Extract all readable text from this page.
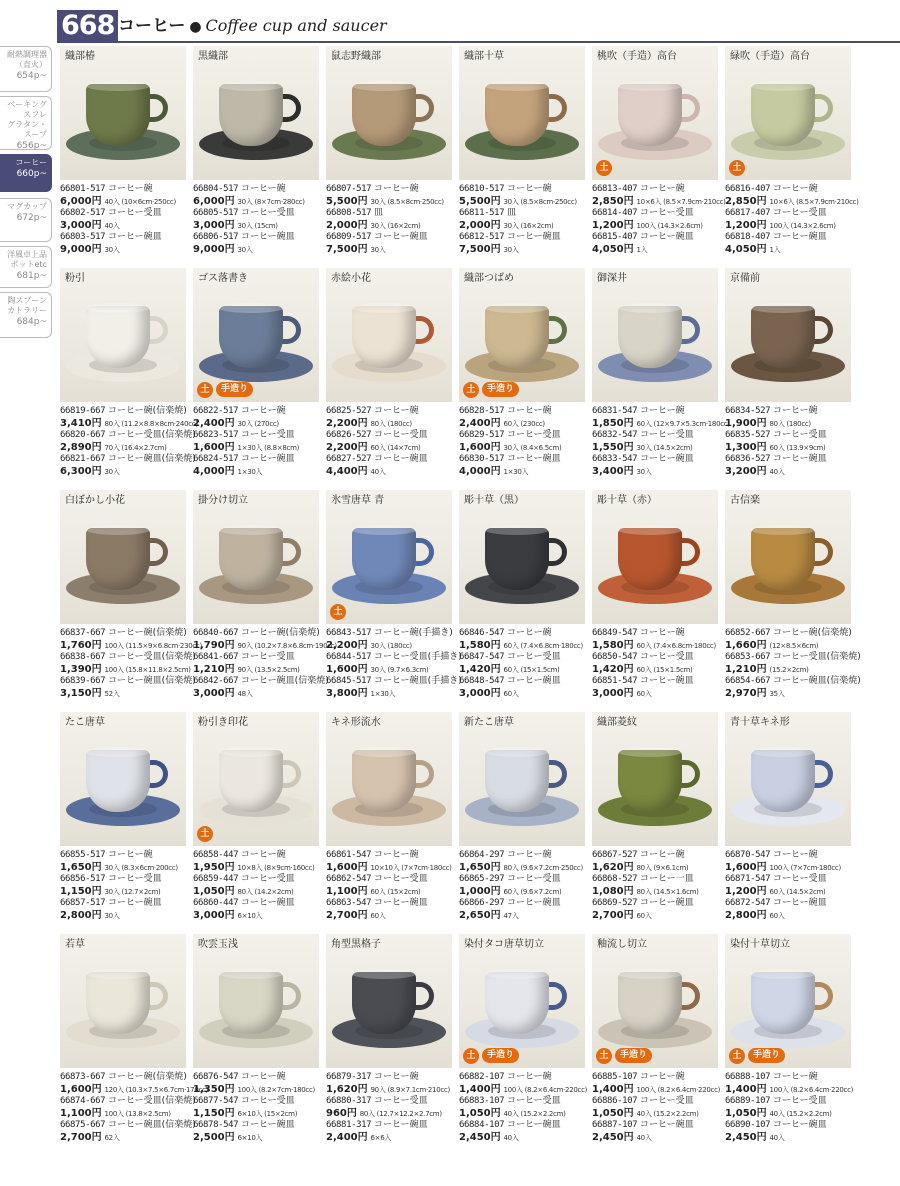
668 コーヒー ● Coffee cup and saucer
耐熱調理器
（直火）
654p~
ベーキング
スフレ
グラタン・スープ
656p~
コーヒー
660p~
マグカップ
672p~
洋風卓上品
ポットetc
681p~
陶スプーン
カトラリー
684p~
織部椿
66801-517 コーヒー碗
6,000円 40入 (10×6cm·250cc)
66802-517 コーヒー受皿
3,000円 40入
66803-517 コーヒー碗皿
9,000円 30入
黒織部
66804-517 コーヒー碗
6,000円 30入 (8×7cm·280cc)
66805-517 コーヒー受皿
3,000円 30入 (15cm)
66806-517 コーヒー碗皿
9,000円 30入
鼠志野織部
66807-517 コーヒー碗
5,500円 30入 (8.5×8cm·250cc)
66808-517 皿
2,000円 30入 (16×2cm)
66809-517 コーヒー碗皿
7,500円 30入
織部十草
66810-517 コーヒー碗
5,500円 30入 (8.5×8cm·250cc)
66811-517 皿
2,000円 30入 (16×2cm)
66812-517 コーヒー碗皿
7,500円 30入
桃吹（手造）高台
土
66813-407 コーヒー碗
2,850円 10×6入 (8.5×7.9cm·210cc)
66814-407 コーヒー受皿
1,200円 100入 (14.3×2.6cm)
66815-407 コーヒー碗皿
4,050円 1入
緑吹（手造）高台
土
66816-407 コーヒー碗
2,850円 10×6入 (8.5×7.9cm·210cc)
66817-407 コーヒー受皿
1,200円 100入 (14.3×2.6cm)
66818-407 コーヒー碗皿
4,050円 1入
粉引
66819-667 コーヒー碗(信楽焼)
3,410円 80入 (11.2×8.8×8cm·240cc)
66820-667 コーヒー受皿(信楽焼)
2,890円 70入 (16.4×2.7cm)
66821-667 コーヒー碗皿(信楽焼)
6,300円 30入
ゴス落書き
土 手造り
66822-517 コーヒー碗
2,400円 30入 (270cc)
66823-517 コーヒー受皿
1,600円 1×30入 (8.8×8cm)
66824-517 コーヒー碗皿
4,000円 1×30入
赤絵小花
66825-527 コーヒー碗
2,200円 80入 (180cc)
66826-527 コーヒー受皿
2,200円 60入 (14×7cm)
66827-527 コーヒー碗皿
4,400円 40入
織部つばめ
土 手造り
66828-517 コーヒー碗
2,400円 60入 (230cc)
66829-517 コーヒー受皿
1,600円 30入 (8.4×6.5cm)
66830-517 コーヒー碗皿
4,000円 1×30入
御深井
66831-547 コーヒー碗
1,850円 60入 (12×9.7×5.3cm·180cc)
66832-547 コーヒー受皿
1,550円 30入 (14.5×2cm)
66833-547 コーヒー碗皿
3,400円 30入
京備前
66834-527 コーヒー碗
1,900円 80入 (180cc)
66835-527 コーヒー受皿
1,300円 60入 (13.9×9cm)
66836-527 コーヒー碗皿
3,200円 40入
白ぼかし小花
66837-667 コーヒー碗(信楽焼)
1,760円 100入 (11.5×9×6.8cm·230cc)
66838-667 コーヒー受皿(信楽焼)
1,390円 100入 (15.8×11.8×2.5cm)
66839-667 コーヒー碗皿(信楽焼)
3,150円 52入
掛分け切立
66840-667 コーヒー碗(信楽焼)
1,790円 90入 (10.2×7.8×6.8cm·190cc)
66841-667 コーヒー受皿
1,210円 90入 (13.5×2.5cm)
66842-667 コーヒー碗皿(信楽焼)
3,000円 48入
氷雪唐草 青
土
66843-517 コーヒー碗(手描き)
2,200円 30入 (180cc)
66844-517 コーヒー受皿(手描き)
1,600円 30入 (9.7×6.3cm)
66845-517 コーヒー碗皿(手描き)
3,800円 1×30入
彫十草（黒）
66846-547 コーヒー碗
1,580円 60入 (7.4×6.8cm·180cc)
66847-547 コーヒー受皿
1,420円 60入 (15×1.5cm)
66848-547 コーヒー碗皿
3,000円 60入
彫十草（赤）
66849-547 コーヒー碗
1,580円 60入 (7.4×6.8cm·180cc)
66850-547 コーヒー受皿
1,420円 60入 (15×1.5cm)
66851-547 コーヒー碗皿
3,000円 60入
古信楽
66852-667 コーヒー碗(信楽焼)
1,660円 (12×8.5×6cm)
66853-667 コーヒー受皿(信楽焼)
1,210円 (15.2×2cm)
66854-667 コーヒー碗皿(信楽焼)
2,970円 35入
たこ唐草
66855-517 コーヒー碗
1,650円 30入 (8.3×6cm·200cc)
66856-517 コーヒー受皿
1,150円 30入 (12.7×2cm)
66857-517 コーヒー碗皿
2,800円 30入
粉引き印花
土
66858-447 コーヒー碗
1,950円 10×8入 (8×9cm·160cc)
66859-447 コーヒー受皿
1,050円 80入 (14.2×2cm)
66860-447 コーヒー碗皿
3,000円 6×10入
キネ形流水
66861-547 コーヒー碗
1,600円 10×10入 (7×7cm·180cc)
66862-547 コーヒー受皿
1,100円 60入 (15×2cm)
66863-547 コーヒー碗皿
2,700円 60入
新たこ唐草
66864-297 コーヒー碗
1,650円 80入 (9.6×7.2cm·250cc)
66865-297 コーヒー受皿
1,000円 60入 (9.6×7.2cm)
66866-297 コーヒー碗皿
2,650円 47入
織部菱紋
66867-527 コーヒー碗
1,620円 80入 (9×6.1cm)
66868-527 コーヒー一皿
1,080円 80入 (14.5×1.6cm)
66869-527 コーヒー碗皿
2,700円 60入
青十草キネ形
66870-547 コーヒー碗
1,600円 100入 (7×7cm·180cc)
66871-547 コーヒー受皿
1,200円 60入 (14.5×2cm)
66872-547 コーヒー碗皿
2,800円 60入
若草
66873-667 コーヒー碗(信楽焼)
1,600円 120入 (10.3×7.5×6.7cm·170cc)
66874-667 コーヒー受皿(信楽焼)
1,100円 100入 (13.8×2.5cm)
66875-667 コーヒー碗皿(信楽焼)
2,700円 62入
吹雲玉浅
66876-547 コーヒー碗
1,350円 100入 (8.2×7cm·180cc)
66877-547 コーヒー受皿
1,150円 6×10入 (15×2cm)
66878-547 コーヒー碗皿
2,500円 6×10入
角型黒格子
66879-317 コーヒー碗
1,620円 90入 (8.9×7.1cm·210cc)
66880-317 コーヒー受皿
960円 80入 (12.7×12.2×2.7cm)
66881-317 コーヒー碗皿
2,400円 6×6入
染付タコ唐草切立
土 手造り
66882-107 コーヒー碗
1,400円 100入 (8.2×6.4cm·220cc)
66883-107 コーヒー受皿
1,050円 40入 (15.2×2.2cm)
66884-107 コーヒー碗皿
2,450円 40入
釉流し切立
土 手造り
66885-107 コーヒー碗
1,400円 100入 (8.2×6.4cm·220cc)
66886-107 コーヒー受皿
1,050円 40入 (15.2×2.2cm)
66887-107 コーヒー碗皿
2,450円 40入
染付十草切立
土 手造り
66888-107 コーヒー碗
1,400円 100入 (8.2×6.4cm·220cc)
66889-107 コーヒー受皿
1,050円 40入 (15.2×2.2cm)
66890-107 コーヒー碗皿
2,450円 40入
